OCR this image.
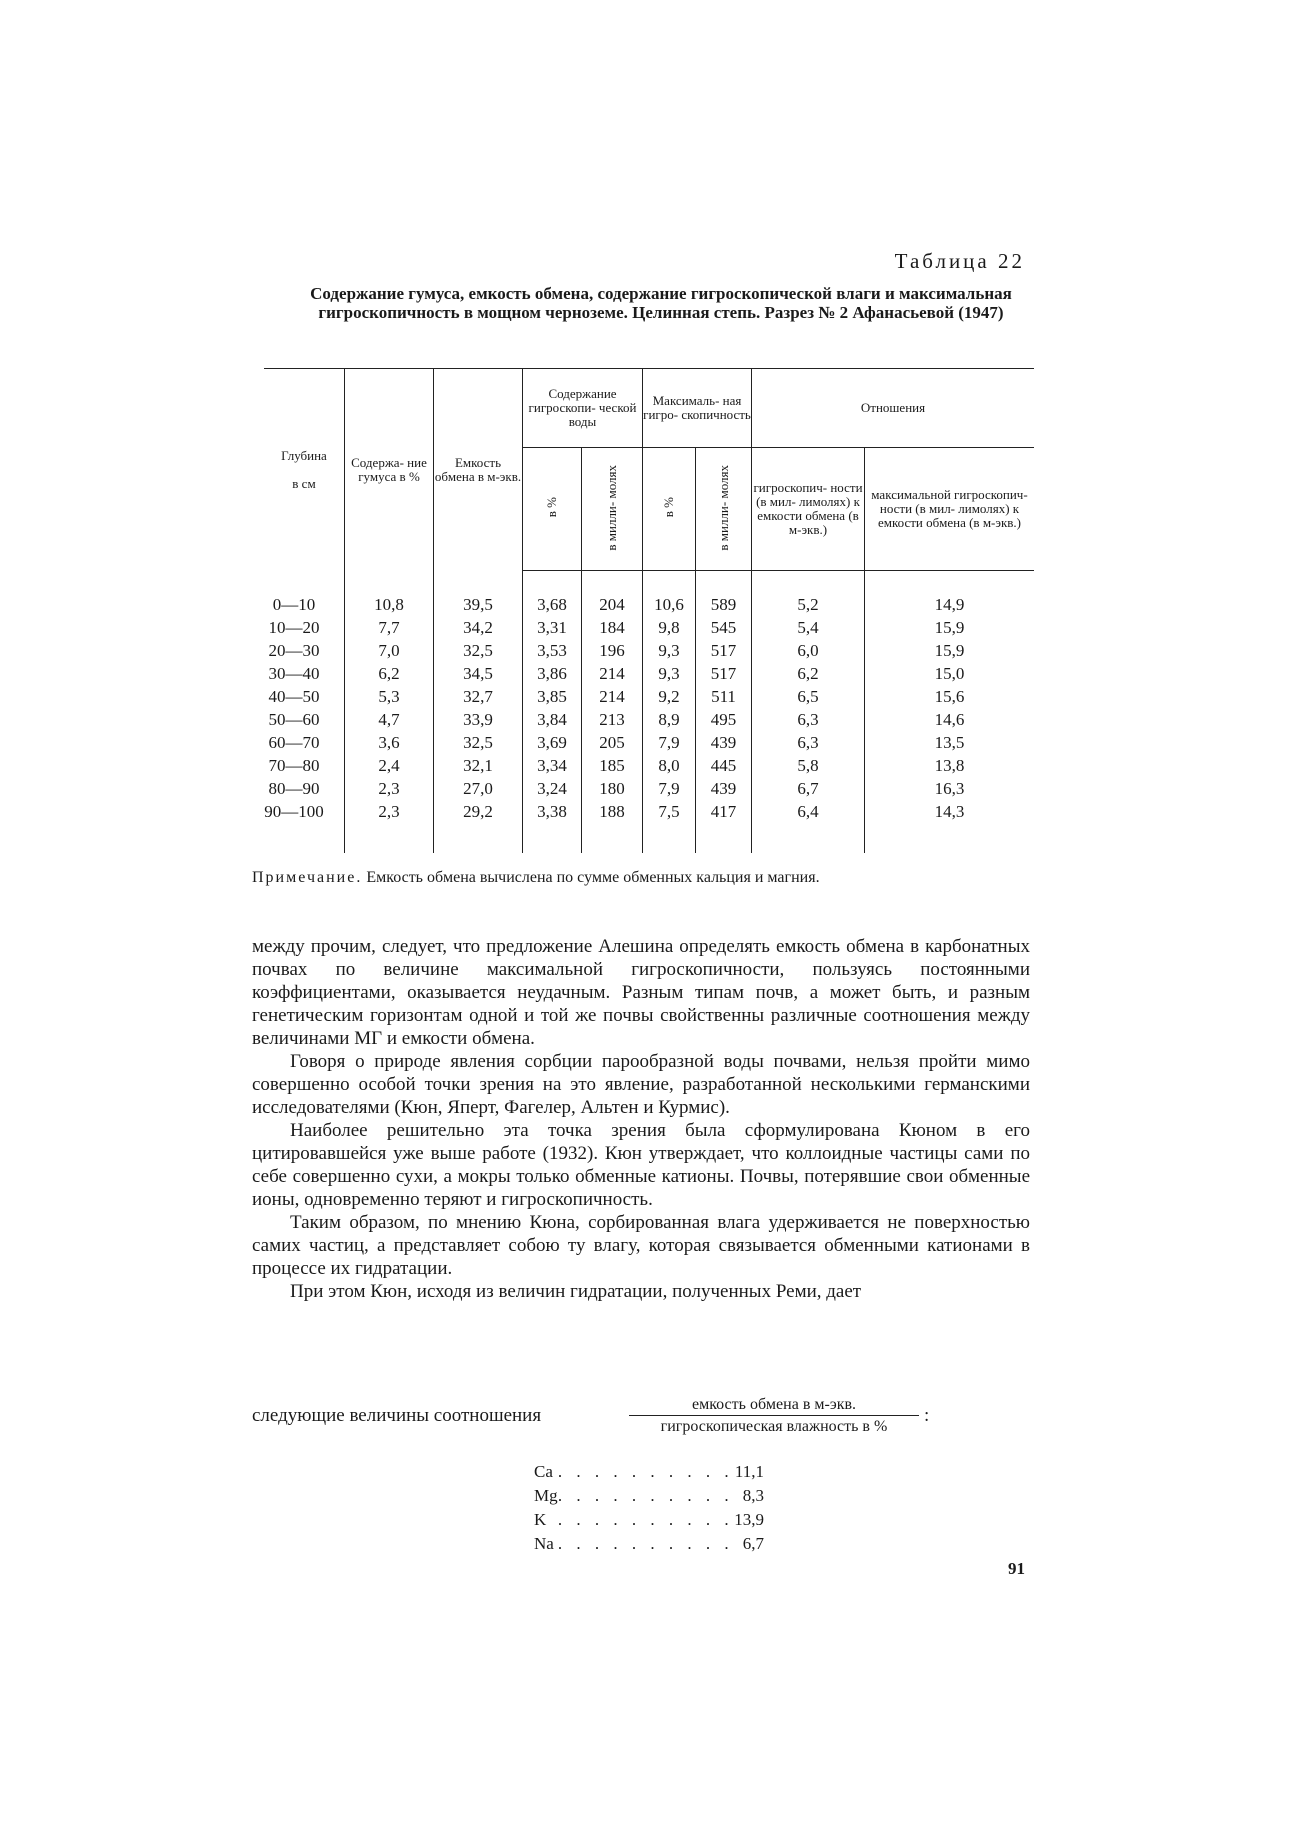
Таблица 22
Содержание гумуса, емкость обмена, содержание гигроскопической влаги и максимальная гигроскопичность в мощном черноземе. Целинная степь. Разрез № 2 Афанасьевой (1947)
Глубина

в см	Содержа- ние гумуса в %	Емкость обмена в м-экв.	Содержание гигроскопи- ческой воды		Максималь- ная гигро- скопичность		Отношения	
			в %	в милли- молях	в %	в милли- молях	гигроскопич- ности (в мил- лимолях) к емкости обмена (в м-экв.)	максимальной гигроскопич- ности (в мил- лимолях) к емкости обмена (в м-экв.)
0—10	10,8	39,5	3,68	204	10,6	589	5,2	14,9
10—20	7,7	34,2	3,31	184	9,8	545	5,4	15,9
20—30	7,0	32,5	3,53	196	9,3	517	6,0	15,9
30—40	6,2	34,5	3,86	214	9,3	517	6,2	15,0
40—50	5,3	32,7	3,85	214	9,2	511	6,5	15,6
50—60	4,7	33,9	3,84	213	8,9	495	6,3	14,6
60—70	3,6	32,5	3,69	205	7,9	439	6,3	13,5
70—80	2,4	32,1	3,34	185	8,0	445	5,8	13,8
80—90	2,3	27,0	3,24	180	7,9	439	6,7	16,3
90—100	2,3	29,2	3,38	188	7,5	417	6,4	14,3
Примечание. Емкость обмена вычислена по сумме обменных кальция и магния.

между прочим, следует, что предложение Алешина определять емкость обмена в карбонатных почвах по величине максимальной гигроскопичности, пользуясь постоянными коэффициентами, оказывается неудачным. Разным типам почв, а может быть, и разным генетическим горизонтам одной и той же почвы свойственны различные соотношения между величинами МГ и емкости обмена.

Говоря о природе явления сорбции парообразной воды почвами, нельзя пройти мимо совершенно особой точки зрения на это явление, разработанной несколькими германскими исследователями (Кюн, Яперт, Фагелер, Альтен и Курмис).

Наиболее решительно эта точка зрения была сформулирована Кюном в его цитировавшейся уже выше работе (1932). Кюн утверждает, что коллоидные частицы сами по себе совершенно сухи, а мокры только обменные катионы. Почвы, потерявшие свои обменные ионы, одновременно теряют и гигроскопичность.

Таким образом, по мнению Кюна, сорбированная влага удерживается не поверхностью самих частиц, а представляет собою ту влагу, которая связывается обменными катионами в процессе их гидратации.

При этом Кюн, исходя из величин гидратации, полученных Реми, дает

следующие величины соотношения
емкость обмена в м-экв.
гигроскопическая влажность в %
:
Ca . . . . . . . . . . 11,1
Mg . . . . . . . . . . 8,3
K . . . . . . . . . . 13,9
Na . . . . . . . . . . 6,7
91
